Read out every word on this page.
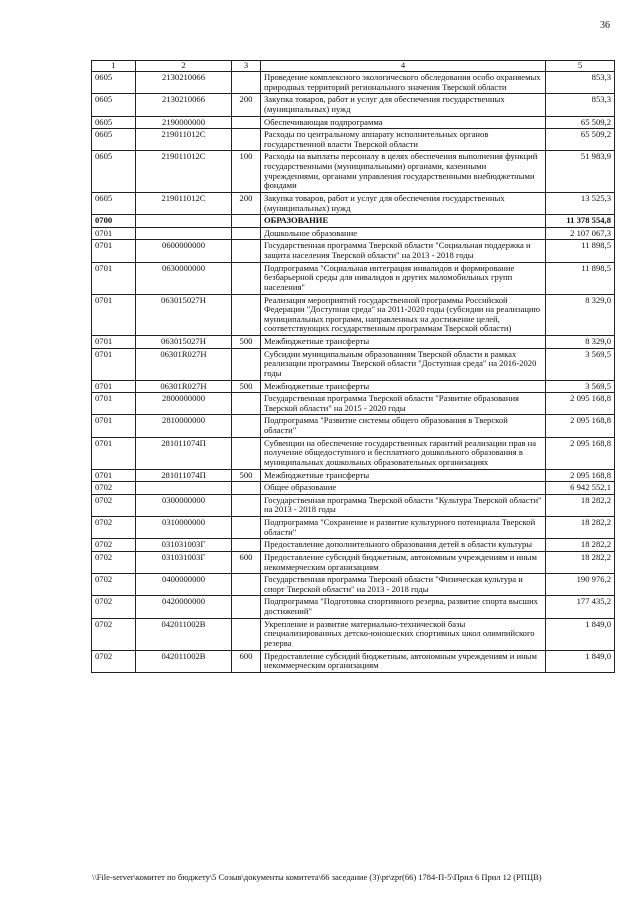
36
1	2	3	4	5
0605	2130210066		Проведение комплексного экологического обследования особо охраняемых природных территорий регионального значения Тверской области	853,3
0605	2130210066	200	Закупка товаров, работ и услуг для обеспечения государственных (муниципальных) нужд	853,3
0605	2190000000		Обеспечивающая подпрограмма	65 509,2
0605	219011012С		Расходы по центральному аппарату исполнительных органов государственной власти Тверской области	65 509,2
0605	219011012С	100	Расходы на выплаты персоналу в целях обеспечения выполнения функций государственными (муниципальными) органами, казенными учреждениями, органами управления государственными внебюджетными фондами	51 983,9
0605	219011012С	200	Закупка товаров, работ и услуг для обеспечения государственных (муниципальных) нужд	13 525,3
0700			ОБРАЗОВАНИЕ	11 378 554,8
0701			Дошкольное образование	2 107 067,3
0701	0600000000		Государственная программа Тверской области "Социальная поддержка и защита населения Тверской области" на 2013 - 2018 годы	11 898,5
0701	0630000000		Подпрограмма "Социальная интеграция инвалидов и формирование безбарьерной среды для инвалидов и других маломобильных групп населения"	11 898,5
0701	063015027Н		Реализация мероприятий государственной программы Российской Федерации "Доступная среда" на 2011-2020 годы (субсидии на реализацию муниципальных программ, направленных на достижение целей, соответствующих государственным программам Тверской области)	8 329,0
0701	063015027Н	500	Межбюджетные трансферты	8 329,0
0701	06301R027Н		Субсидии муниципальным образованиям Тверской области в рамках реализации программы Тверской области "Доступная среда" на 2016-2020 годы	3 569,5
0701	06301R027Н	500	Межбюджетные трансферты	3 569,5
0701	2800000000		Государственная программа Тверской области "Развитие образования Тверской области" на 2015 - 2020 годы	2 095 168,8
0701	2810000000		Подпрограмма "Развитие системы общего образования в Тверской области"	2 095 168,8
0701	281011074П		Субвенции на обеспечение государственных гарантий реализации прав на получение общедоступного и бесплатного дошкольного образования в муниципальных дошкольных образовательных организациях	2 095 168,8
0701	281011074П	500	Межбюджетные трансферты	2 095 168,8
0702			Общее образование	6 942 552,1
0702	0300000000		Государственная программа Тверской области "Культура Тверской области" на 2013 - 2018 годы	18 282,2
0702	0310000000		Подпрограмма "Сохранение и развитие культурного потенциала Тверской области"	18 282,2
0702	031031003Г		Предоставление дополнительного образования детей в области культуры	18 282,2
0702	031031003Г	600	Предоставление субсидий бюджетным, автономным учреждениям и иным некоммерческим организациям	18 282,2
0702	0400000000		Государственная программа Тверской области "Физическая культура и спорт Тверской области" на 2013 - 2018 годы	190 976,2
0702	0420000000		Подпрограмма "Подготовка спортивного резерва, развитие спорта высших достижений"	177 435,2
0702	042011002В		Укрепление и развитие материально-технической базы специализированных детско-юношеских спортивных школ олимпийского резерва	1 849,0
0702	042011002В	600	Предоставление субсидий бюджетным, автономным учреждениям и иным некоммерческим организациям	1 849,0
\\File-server\комитет по бюджету\5 Созыв\документы комитета\66 заседание (3)\pr\zpr(66) 1784-П-5\Прил 6 Прил 12 (РПЦВ)
